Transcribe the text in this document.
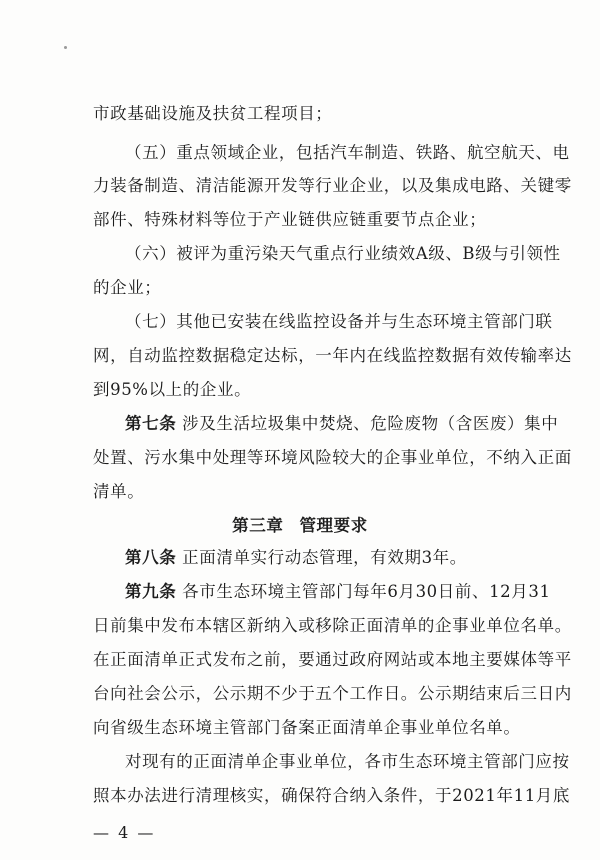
市政基础设施及扶贫工程项目；
（五）重点领域企业，包括汽车制造、铁路、航空航天、电
力装备制造、清洁能源开发等行业企业，以及集成电路、关键零
部件、特殊材料等位于产业链供应链重要节点企业；
（六）被评为重污染天气重点行业绩效A级、B级与引领性
的企业；
（七）其他已安装在线监控设备并与生态环境主管部门联
网，自动监控数据稳定达标，一年内在线监控数据有效传输率达
到95%以上的企业。
第七条 涉及生活垃圾集中焚烧、危险废物（含医废）集中
处置、污水集中处理等环境风险较大的企事业单位，不纳入正面
清单。
第三章 管理要求
第八条 正面清单实行动态管理，有效期3年。
第九条 各市生态环境主管部门每年6月30日前、12月31
日前集中发布本辖区新纳入或移除正面清单的企事业单位名单。
在正面清单正式发布之前，要通过政府网站或本地主要媒体等平
台向社会公示，公示期不少于五个工作日。公示期结束后三日内
向省级生态环境主管部门备案正面清单企事业单位名单。
对现有的正面清单企事业单位，各市生态环境主管部门应按
照本办法进行清理核实，确保符合纳入条件，于2021年11月底
— 4 —
